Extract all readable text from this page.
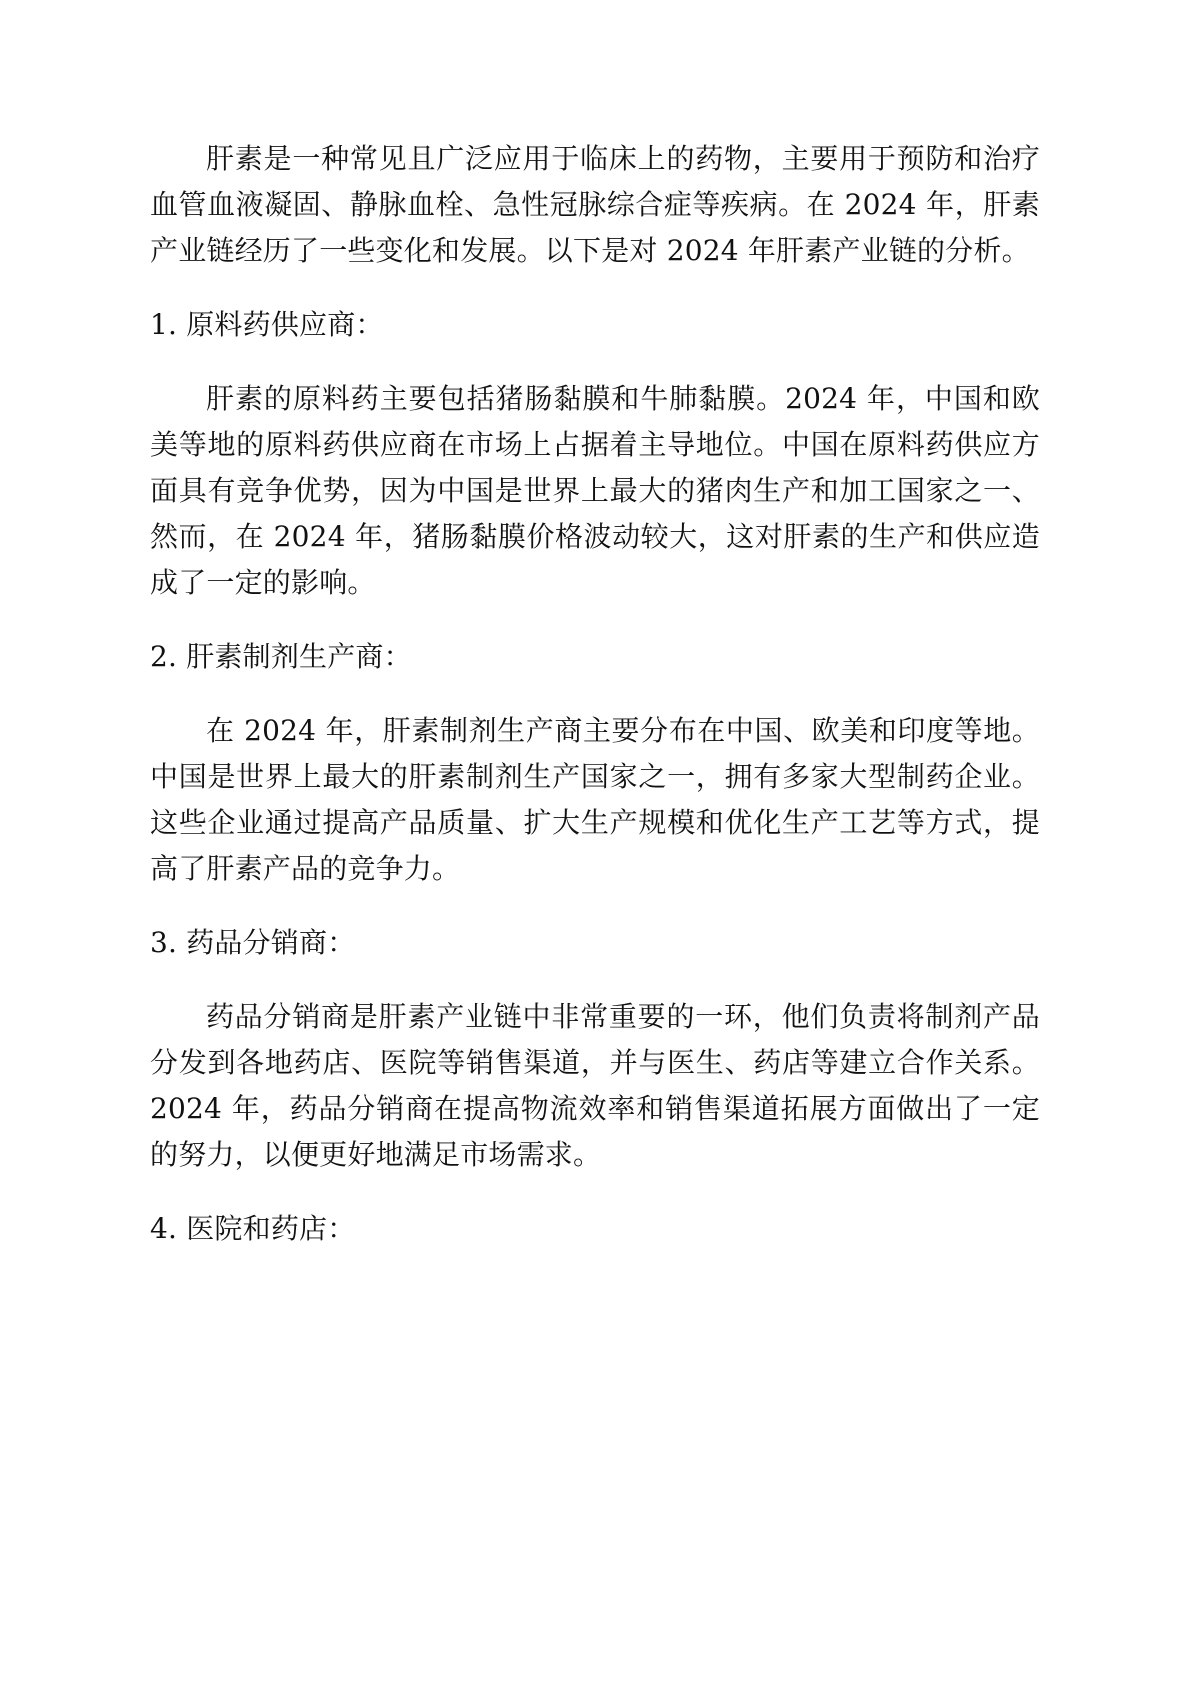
肝素是一种常见且广泛应用于临床上的药物，主要用于预防和治疗血管血液凝固、静脉血栓、急性冠脉综合症等疾病。在 2024 年，肝素产业链经历了一些变化和发展。以下是对 2024 年肝素产业链的分析。

1. 原料药供应商：

肝素的原料药主要包括猪肠黏膜和牛肺黏膜。2024 年，中国和欧美等地的原料药供应商在市场上占据着主导地位。中国在原料药供应方面具有竞争优势，因为中国是世界上最大的猪肉生产和加工国家之一、然而，在 2024 年，猪肠黏膜价格波动较大，这对肝素的生产和供应造成了一定的影响。

2. 肝素制剂生产商：

在 2024 年，肝素制剂生产商主要分布在中国、欧美和印度等地。中国是世界上最大的肝素制剂生产国家之一，拥有多家大型制药企业。这些企业通过提高产品质量、扩大生产规模和优化生产工艺等方式，提高了肝素产品的竞争力。

3. 药品分销商：

药品分销商是肝素产业链中非常重要的一环，他们负责将制剂产品分发到各地药店、医院等销售渠道，并与医生、药店等建立合作关系。2024 年，药品分销商在提高物流效率和销售渠道拓展方面做出了一定的努力，以便更好地满足市场需求。

4. 医院和药店：
